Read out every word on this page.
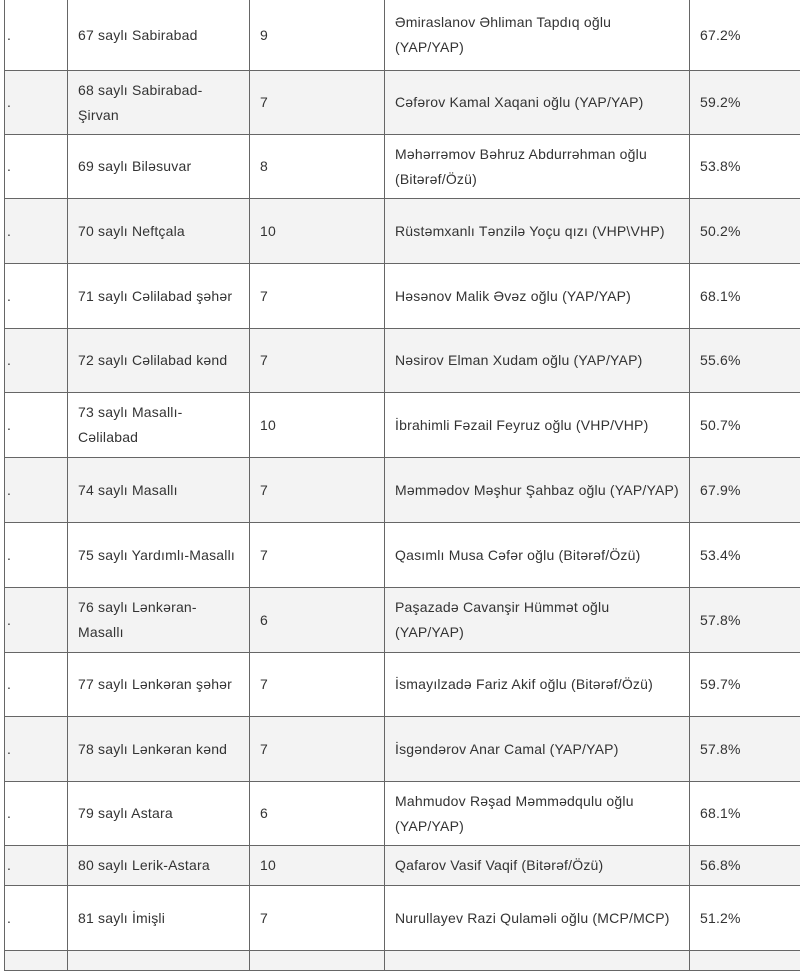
.	67 saylı Sabirabad	9	Əmiraslanov Əhliman Tapdıq oğlu (YAP/YAP)	67.2%
.	68 saylı Sabirabad-Şirvan	7	Cəfərov Kamal Xaqani oğlu (YAP/YAP)	59.2%
.	69 saylı Biləsuvar	8	Məhərrəmov Bəhruz Abdurrəhman oğlu (Bitərəf/Özü)	53.8%
.	70 saylı Neftçala	10	Rüstəmxanlı Tənzilə Yoçu qızı (VHP\VHP)	50.2%
.	71 saylı Cəlilabad şəhər	7	Həsənov Malik Əvəz oğlu (YAP/YAP)	68.1%
.	72 saylı Cəlilabad kənd	7	Nəsirov Elman Xudam oğlu (YAP/YAP)	55.6%
.	73 saylı Masallı-Cəlilabad	10	İbrahimli Fəzail Feyruz oğlu (VHP/VHP)	50.7%
.	74 saylı Masallı	7	Məmmədov Məşhur Şahbaz oğlu (YAP/YAP)	67.9%
.	75 saylı Yardımlı-Masallı	7	Qasımlı Musa Cəfər oğlu (Bitərəf/Özü)	53.4%
.	76 saylı Lənkəran-Masallı	6	Paşazadə Cavanşir Hümmət oğlu (YAP/YAP)	57.8%
.	77 saylı Lənkəran şəhər	7	İsmayılzadə Fariz Akif oğlu (Bitərəf/Özü)	59.7%
.	78 saylı Lənkəran kənd	7	İsgəndərov Anar Camal (YAP/YAP)	57.8%
.	79 saylı Astara	6	Mahmudov Rəşad Məmmədqulu oğlu (YAP/YAP)	68.1%
.	80 saylı Lerik-Astara	10	Qafarov Vasif Vaqif (Bitərəf/Özü)	56.8%
.	81 saylı İmişli	7	Nurullayev Razi Qulaməli oğlu (MCP/MCP)	51.2%
